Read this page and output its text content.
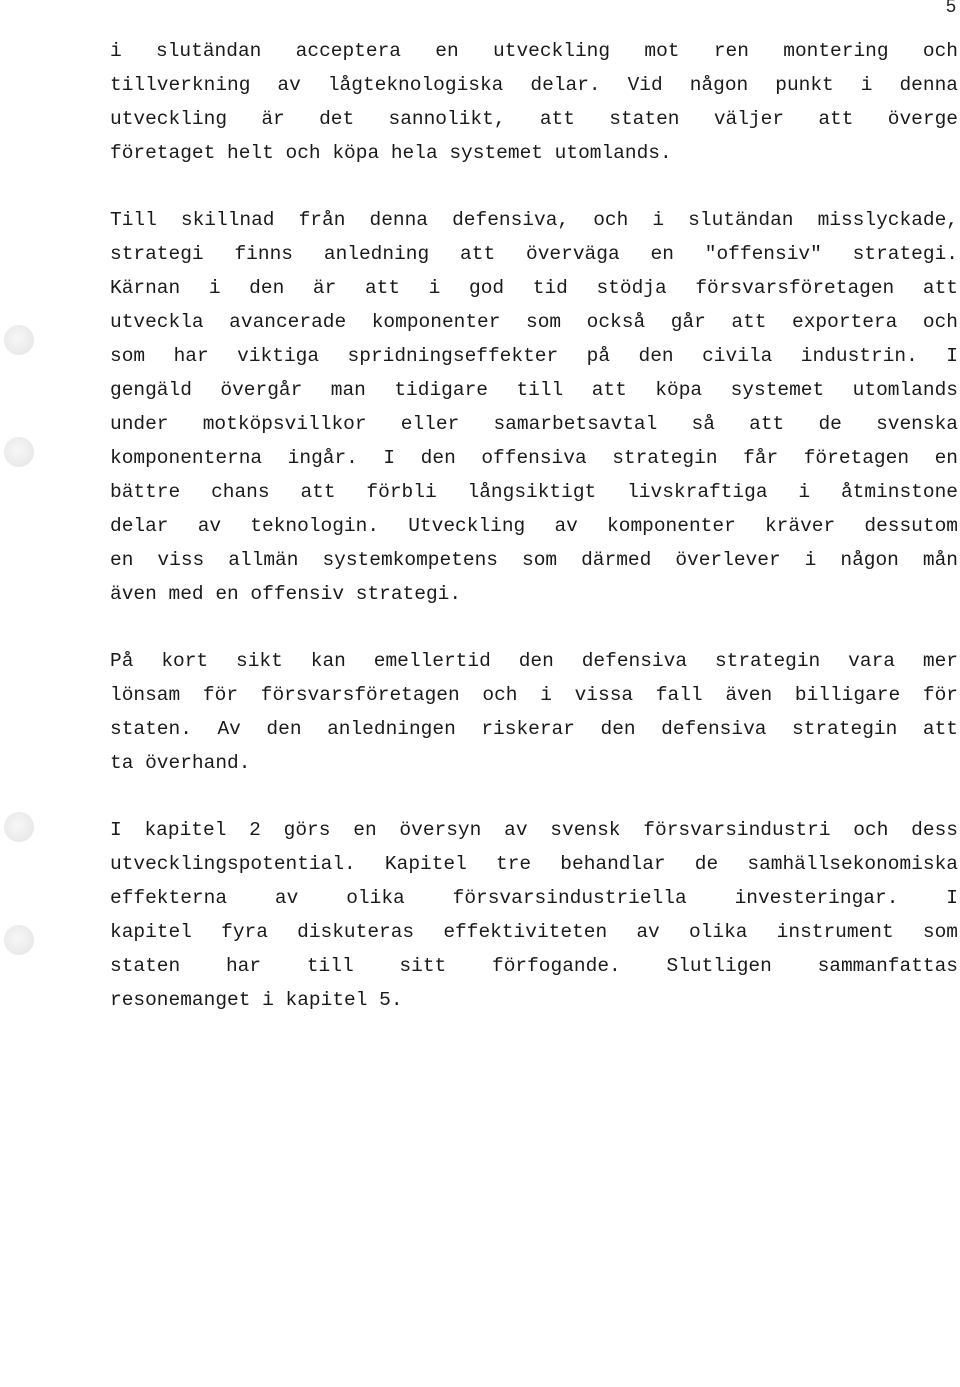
5
i slutändan acceptera en utveckling mot ren montering och
tillverkning av lågteknologiska delar. Vid någon punkt i denna
utveckling är det sannolikt, att staten väljer att överge
företaget helt och köpa hela systemet utomlands.
Till skillnad från denna defensiva, och i slutändan misslyckade,
strategi finns anledning att överväga en "offensiv" strategi.
Kärnan i den är att i god tid stödja försvarsföretagen att
utveckla avancerade komponenter som också går att exportera och
som har viktiga spridningseffekter på den civila industrin. I
gengäld övergår man tidigare till att köpa systemet utomlands
under motköpsvillkor eller samarbetsavtal så att de svenska
komponenterna ingår. I den offensiva strategin får företagen en
bättre chans att förbli långsiktigt livskraftiga i åtminstone
delar av teknologin. Utveckling av komponenter kräver dessutom
en viss allmän systemkompetens som därmed överlever i någon mån
även med en offensiv strategi.
På kort sikt kan emellertid den defensiva strategin vara mer
lönsam för försvarsföretagen och i vissa fall även billigare för
staten. Av den anledningen riskerar den defensiva strategin att
ta överhand.
I kapitel 2 görs en översyn av svensk försvarsindustri och dess
utvecklingspotential. Kapitel tre behandlar de samhällsekonomiska
effekterna av olika försvarsindustriella investeringar. I
kapitel fyra diskuteras effektiviteten av olika instrument som
staten har till sitt förfogande. Slutligen sammanfattas
resonemanget i kapitel 5.
